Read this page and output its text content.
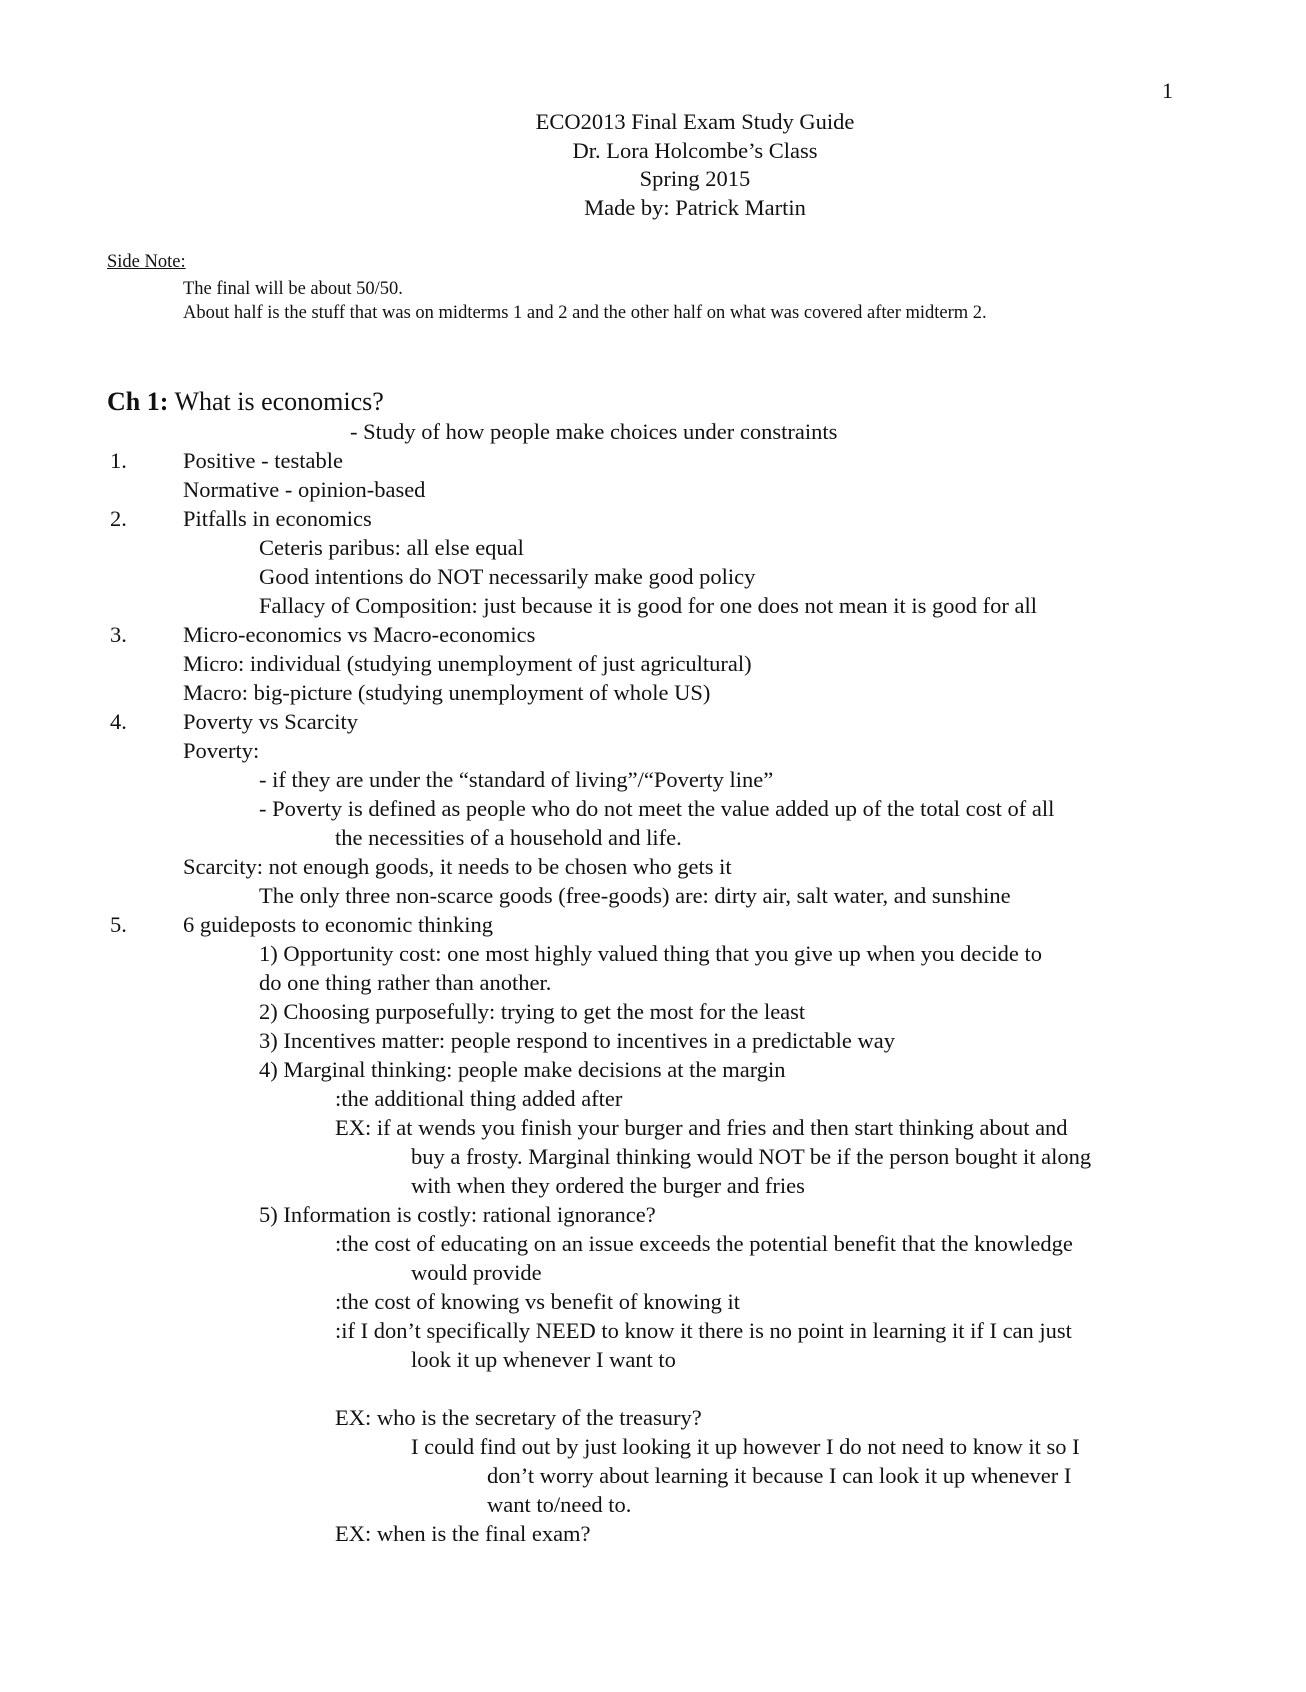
1
ECO2013 Final Exam Study Guide
Dr. Lora Holcombe’s Class
Spring 2015
Made by: Patrick Martin
Side Note:
The final will be about 50/50.
About half is the stuff that was on midterms 1 and 2 and the other half on what was covered after midterm 2.
Ch 1: What is economics?
- Study of how people make choices under constraints
1. Positive - testable
Normative - opinion-based
2. Pitfalls in economics
Ceteris paribus: all else equal
Good intentions do NOT necessarily make good policy
Fallacy of Composition: just because it is good for one does not mean it is good for all
3. Micro-economics vs Macro-economics
Micro: individual (studying unemployment of just agricultural)
Macro: big-picture (studying unemployment of whole US)
4. Poverty vs Scarcity
Poverty:
- if they are under the “standard of living”/“Poverty line”
- Poverty is defined as people who do not meet the value added up of the total cost of all
the necessities of a household and life.
Scarcity: not enough goods, it needs to be chosen who gets it
The only three non-scarce goods (free-goods) are: dirty air, salt water, and sunshine
5. 6 guideposts to economic thinking
1) Opportunity cost: one most highly valued thing that you give up when you decide to
do one thing rather than another.
2) Choosing purposefully: trying to get the most for the least
3) Incentives matter: people respond to incentives in a predictable way
4) Marginal thinking: people make decisions at the margin
:the additional thing added after
EX: if at wends you finish your burger and fries and then start thinking about and
buy a frosty. Marginal thinking would NOT be if the person bought it along
with when they ordered the burger and fries
5) Information is costly: rational ignorance?
:the cost of educating on an issue exceeds the potential benefit that the knowledge
would provide
:the cost of knowing vs benefit of knowing it
:if I don’t specifically NEED to know it there is no point in learning it if I can just
look it up whenever I want to
EX: who is the secretary of the treasury?
I could find out by just looking it up however I do not need to know it so I
don’t worry about learning it because I can look it up whenever I
want to/need to.
EX: when is the final exam?
